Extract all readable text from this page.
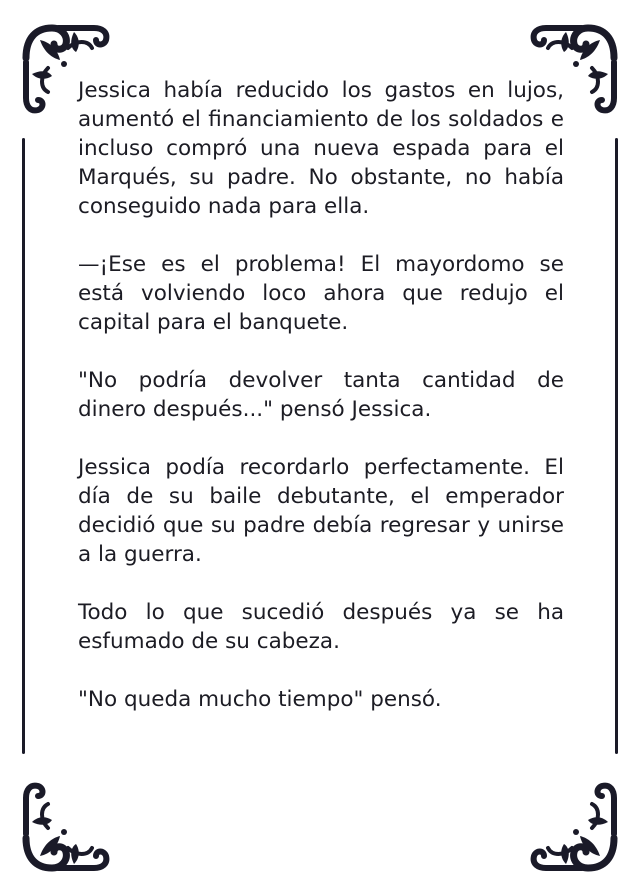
Jessica había reducido los gastos en lujos, aumentó el financiamiento de los soldados e incluso compró una nueva espada para el Marqués, su padre. No obstante, no había conseguido nada para ella.

—¡Ese es el problema! El mayordomo se está volviendo loco ahora que redujo el capital para el banquete.

"No podría devolver tanta cantidad de dinero después..." pensó Jessica.

Jessica podía recordarlo perfectamente. El día de su baile debutante, el emperador decidió que su padre debía regresar y unirse a la guerra.

Todo lo que sucedió después ya se ha esfumado de su cabeza.

"No queda mucho tiempo" pensó.
